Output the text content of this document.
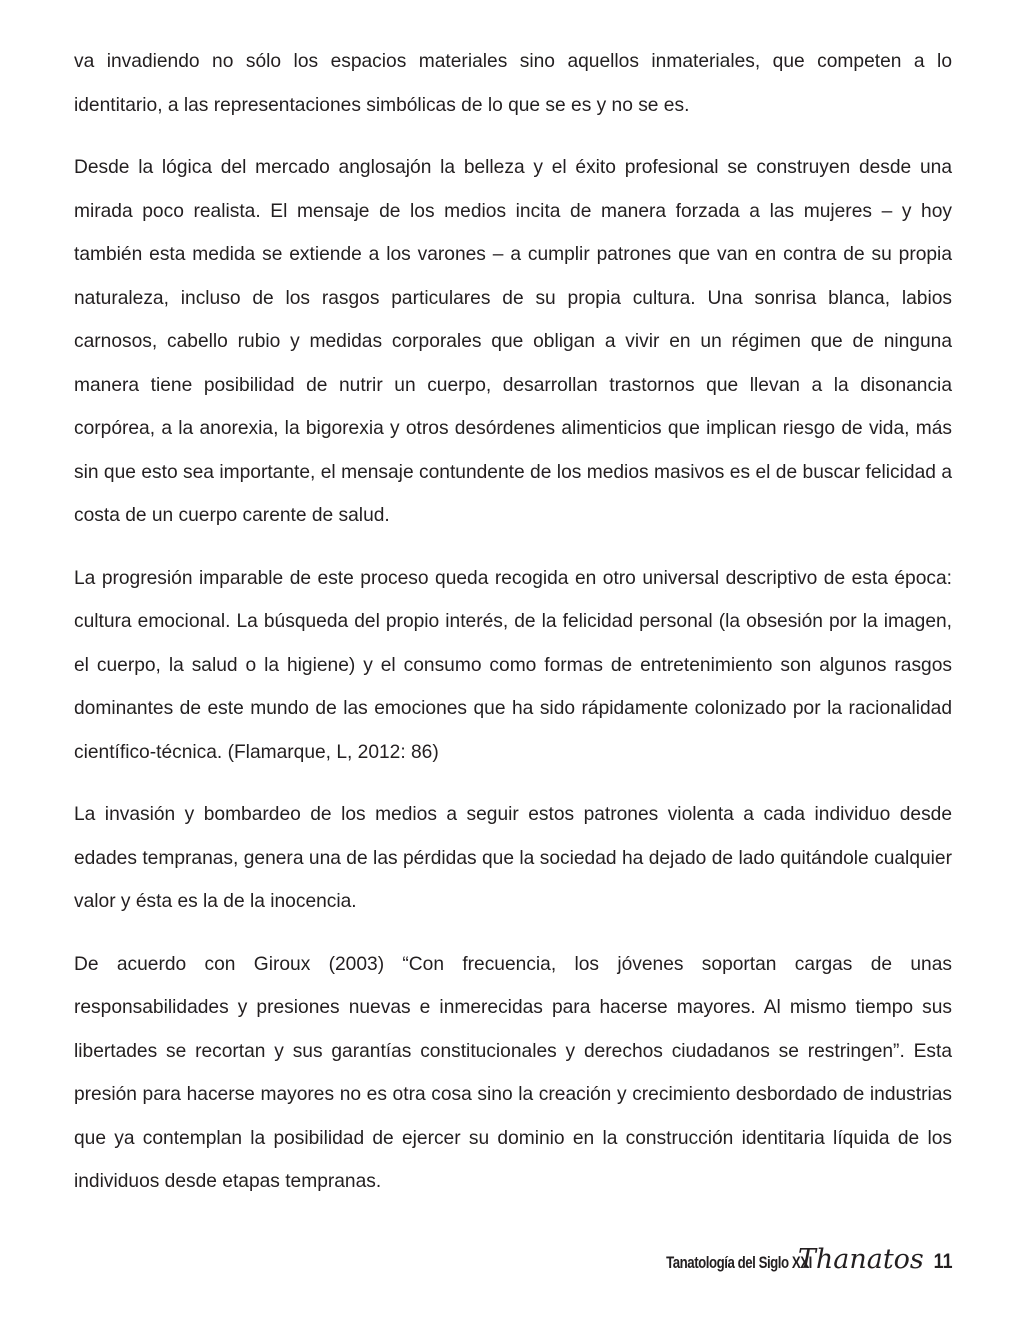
va invadiendo no sólo los espacios materiales sino aquellos inmateriales, que competen a lo identitario, a las representaciones simbólicas de lo que se es y no se es.

Desde la lógica del mercado anglosajón la belleza y el éxito profesional se construyen desde una mirada poco realista. El mensaje de los medios incita de manera forzada a las mujeres – y hoy también esta medida se extiende a los varones – a cumplir patrones que van en contra de su propia naturaleza, incluso de los rasgos particulares de su propia cultura. Una sonrisa blanca, labios carnosos, cabello rubio y medidas corporales que obligan a vivir en un régimen que de ninguna manera tiene posibilidad de nutrir un cuerpo, desarrollan trastornos que llevan a la disonancia corpórea, a la anorexia, la bigorexia y otros desórdenes alimenticios que implican riesgo de vida, más sin que esto sea importante, el mensaje contundente de los medios masivos es el de buscar felicidad a costa de un cuerpo carente de salud.

La progresión imparable de este proceso queda recogida en otro universal descriptivo de esta época: cultura emocional. La búsqueda del propio interés, de la felicidad personal (la obsesión por la imagen, el cuerpo, la salud o la higiene) y el consumo como formas de entretenimiento son algunos rasgos dominantes de este mundo de las emociones que ha sido rápidamente colonizado por la racionalidad científico-técnica. (Flamarque, L, 2012: 86)

La invasión y bombardeo de los medios a seguir estos patrones violenta a cada individuo desde edades tempranas, genera una de las pérdidas que la sociedad ha dejado de lado quitándole cualquier valor y ésta es la de la inocencia.

De acuerdo con Giroux (2003) “Con frecuencia, los jóvenes soportan cargas de unas responsabilidades y presiones nuevas e inmerecidas para hacerse mayores. Al mismo tiempo sus libertades se recortan y sus garantías constitucionales y derechos ciudadanos se restringen”. Esta presión para hacerse mayores no es otra cosa sino la creación y crecimiento desbordado de industrias que ya contemplan la posibilidad de ejercer su dominio en la construcción identitaria líquida de los individuos desde etapas tempranas.

Tanatología del Siglo XXI
Thanatos 11
